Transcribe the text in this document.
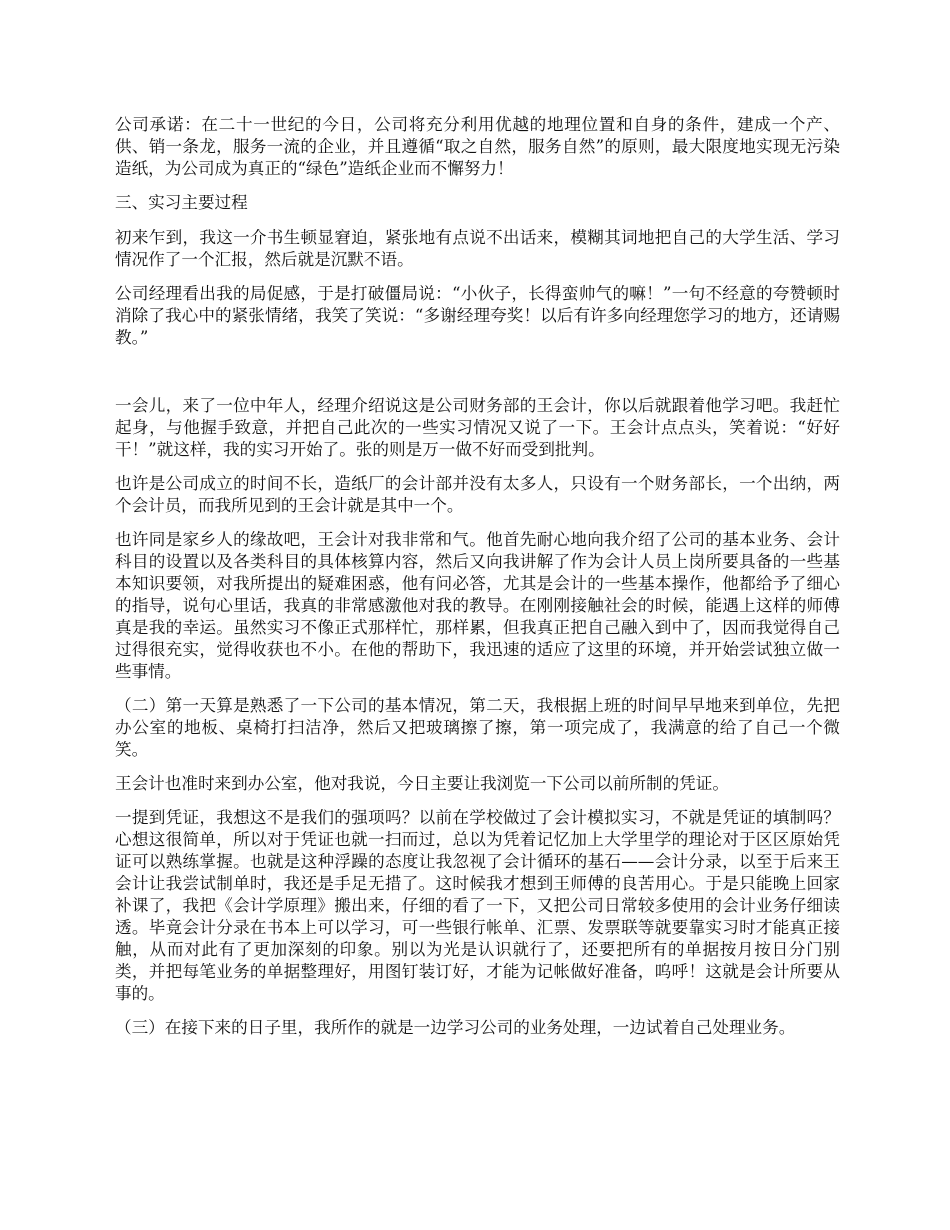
公司承诺：在二十一世纪的今日，公司将充分利用优越的地理位置和自身的条件，建成一个产、供、销一条龙，服务一流的企业，并且遵循“取之自然，服务自然”的原则，最大限度地实现无污染造纸，为公司成为真正的“绿色”造纸企业而不懈努力！

三、实习主要过程

初来乍到，我这一介书生顿显窘迫，紧张地有点说不出话来，模糊其词地把自己的大学生活、学习情况作了一个汇报，然后就是沉默不语。

公司经理看出我的局促感，于是打破僵局说：“小伙子，长得蛮帅气的嘛！”一句不经意的夸赞顿时消除了我心中的紧张情绪，我笑了笑说：“多谢经理夸奖！以后有许多向经理您学习的地方，还请赐教。”

一会儿，来了一位中年人，经理介绍说这是公司财务部的王会计，你以后就跟着他学习吧。我赶忙起身，与他握手致意，并把自己此次的一些实习情况又说了一下。王会计点点头，笑着说：“好好干！”就这样，我的实习开始了。张的则是万一做不好而受到批判。

也许是公司成立的时间不长，造纸厂的会计部并没有太多人，只设有一个财务部长，一个出纳，两个会计员，而我所见到的王会计就是其中一个。

也许同是家乡人的缘故吧，王会计对我非常和气。他首先耐心地向我介绍了公司的基本业务、会计科目的设置以及各类科目的具体核算内容，然后又向我讲解了作为会计人员上岗所要具备的一些基本知识要领，对我所提出的疑难困惑，他有问必答，尤其是会计的一些基本操作，他都给予了细心的指导，说句心里话，我真的非常感激他对我的教导。在刚刚接触社会的时候，能遇上这样的师傅真是我的幸运。虽然实习不像正式那样忙，那样累，但我真正把自己融入到中了，因而我觉得自己过得很充实，觉得收获也不小。在他的帮助下，我迅速的适应了这里的环境，并开始尝试独立做一些事情。

（二）第一天算是熟悉了一下公司的基本情况，第二天，我根据上班的时间早早地来到单位，先把办公室的地板、桌椅打扫洁净，然后又把玻璃擦了擦，第一项完成了，我满意的给了自己一个微笑。

王会计也准时来到办公室，他对我说，今日主要让我浏览一下公司以前所制的凭证。

一提到凭证，我想这不是我们的强项吗？以前在学校做过了会计模拟实习，不就是凭证的填制吗？心想这很简单，所以对于凭证也就一扫而过，总以为凭着记忆加上大学里学的理论对于区区原始凭证可以熟练掌握。也就是这种浮躁的态度让我忽视了会计循环的基石——会计分录，以至于后来王会计让我尝试制单时，我还是手足无措了。这时候我才想到王师傅的良苦用心。于是只能晚上回家补课了，我把《会计学原理》搬出来，仔细的看了一下，又把公司日常较多使用的会计业务仔细读透。毕竟会计分录在书本上可以学习，可一些银行帐单、汇票、发票联等就要靠实习时才能真正接触，从而对此有了更加深刻的印象。别以为光是认识就行了，还要把所有的单据按月按日分门别类，并把每笔业务的单据整理好，用图钉装订好，才能为记帐做好准备，呜呼！这就是会计所要从事的。

（三）在接下来的日子里，我所作的就是一边学习公司的业务处理，一边试着自己处理业务。
